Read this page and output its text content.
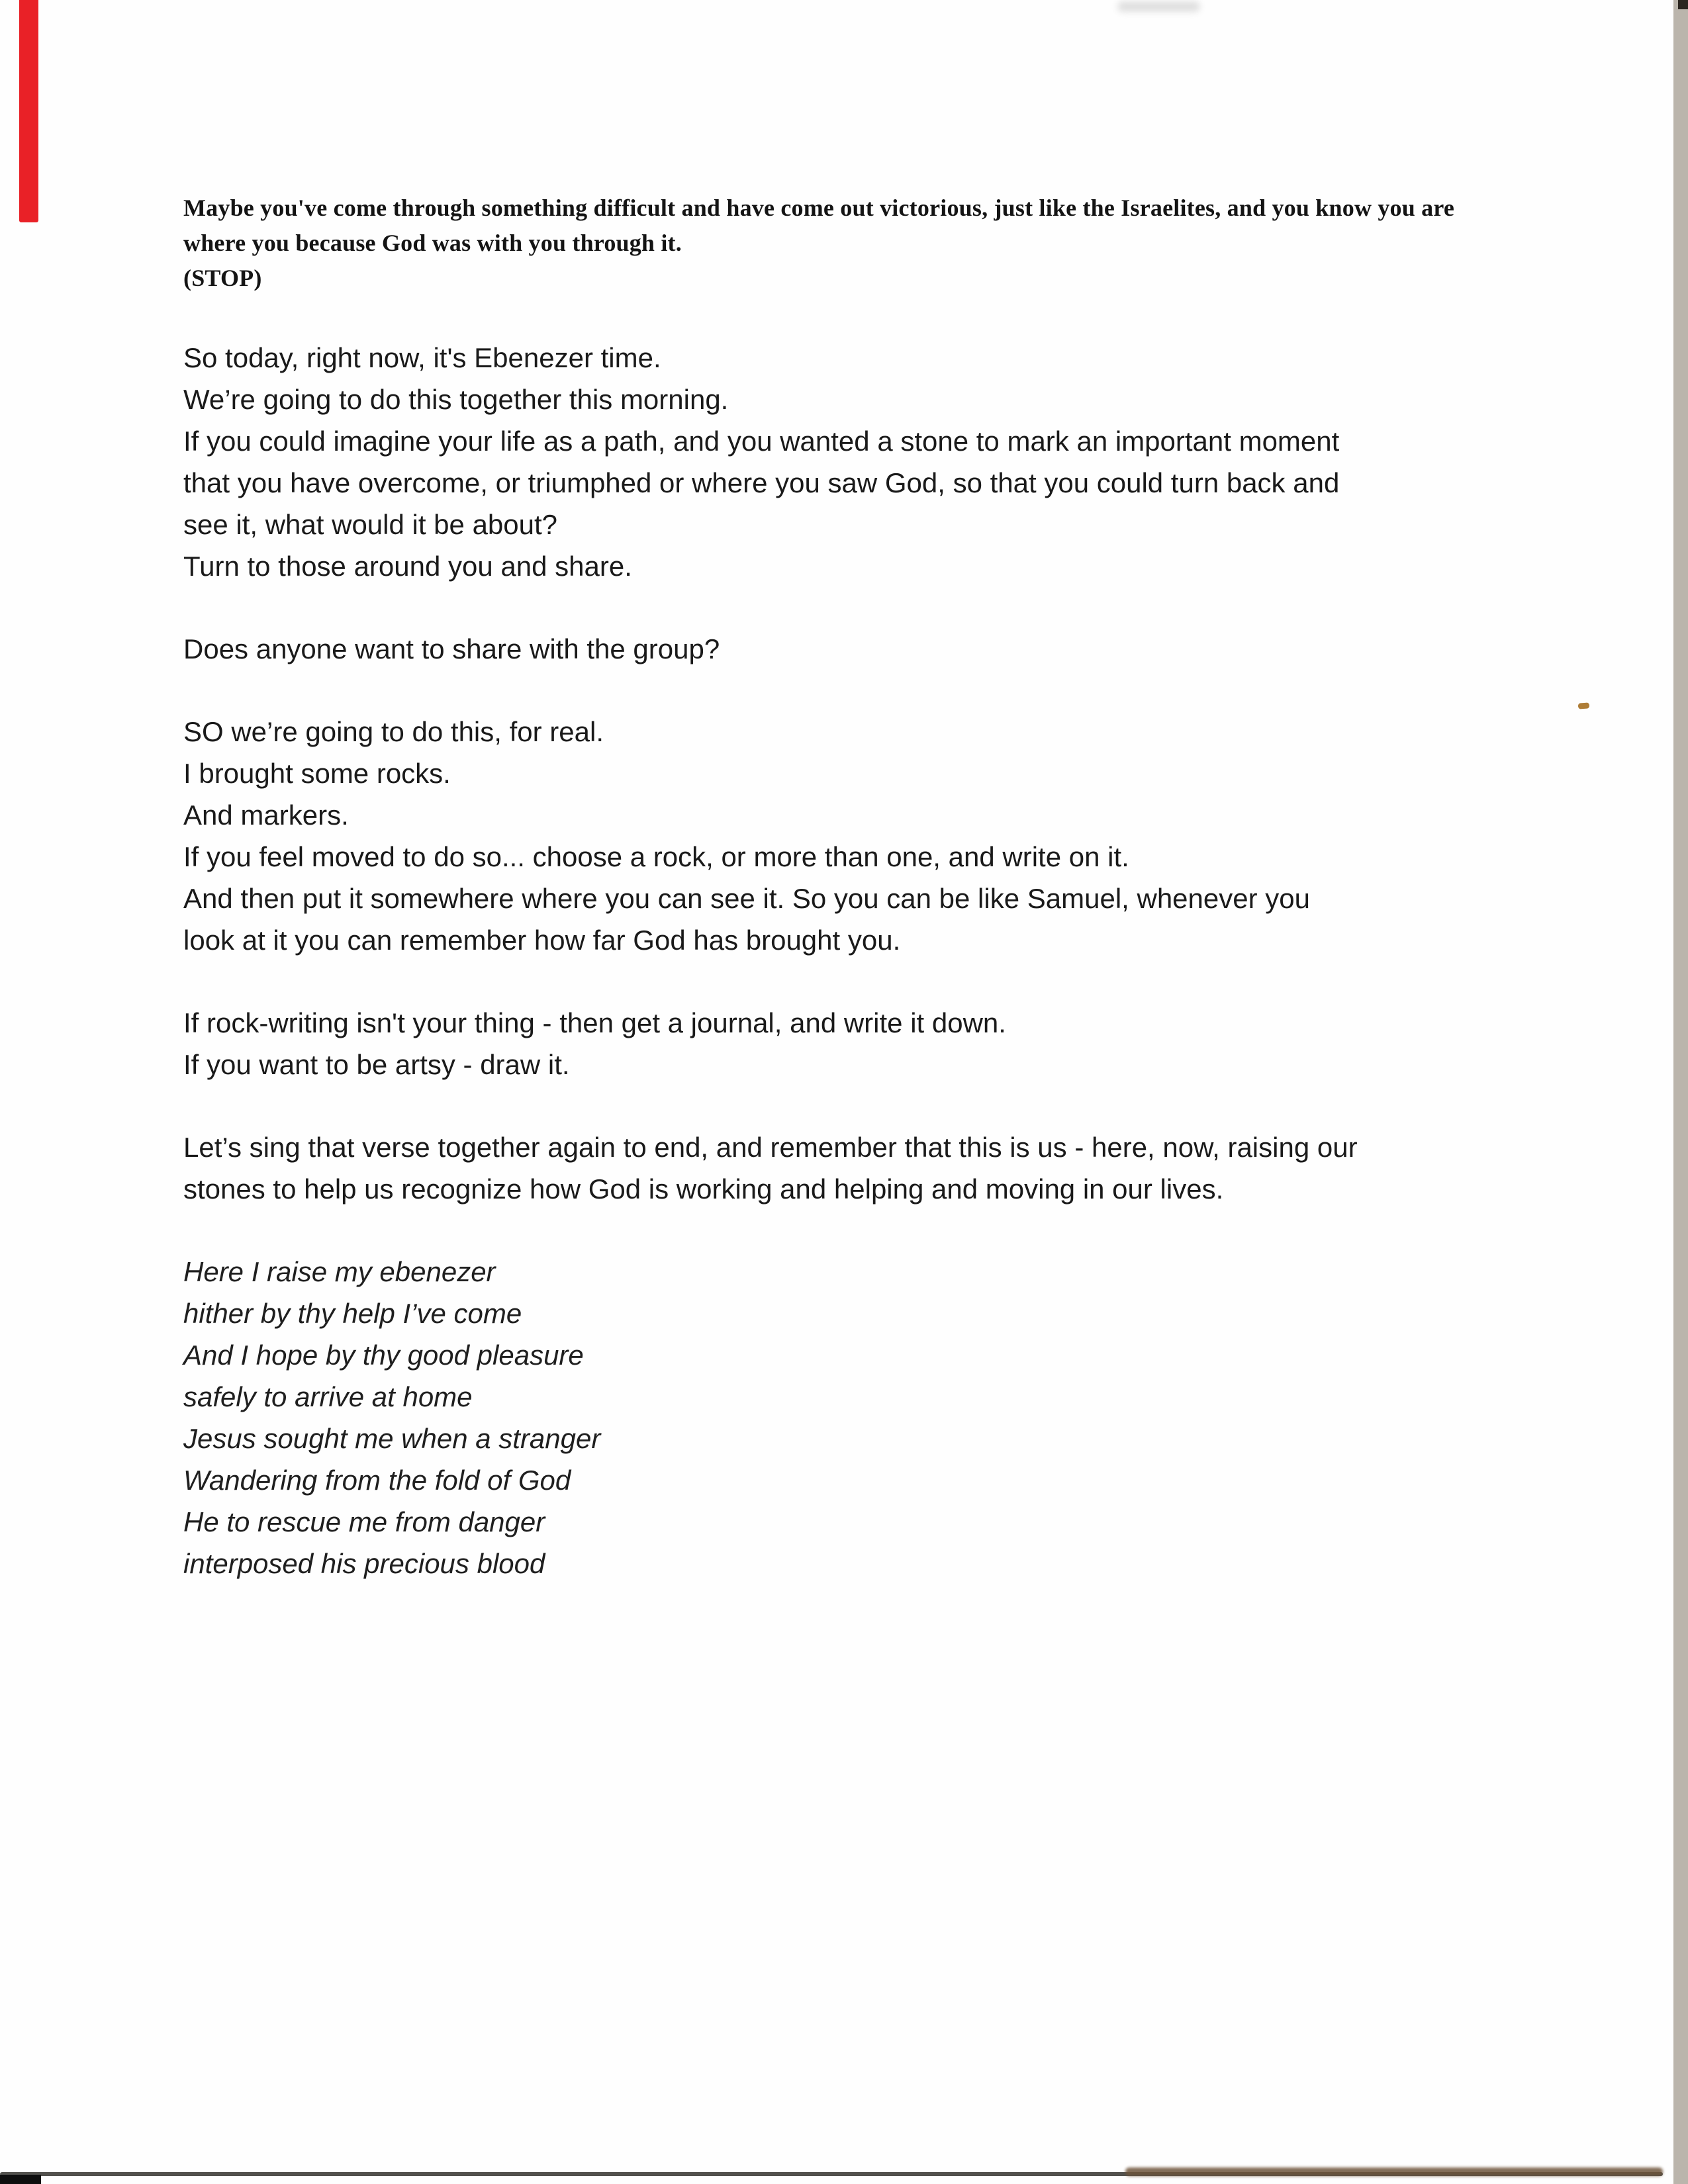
Maybe you've come through something difficult and have come out victorious, just like the Israelites, and you know you are
where you because God was with you through it.
(STOP)
So today, right now, it's Ebenezer time.
We’re going to do this together this morning.
If you could imagine your life as a path, and you wanted a stone to mark an important moment
that you have overcome, or triumphed or where you saw God, so that you could turn back and
see it, what would it be about?
Turn to those around you and share.
Does anyone want to share with the group?
SO we’re going to do this, for real.
I brought some rocks.
And markers.
If you feel moved to do so... choose a rock, or more than one, and write on it.
And then put it somewhere where you can see it. So you can be like Samuel, whenever you
look at it you can remember how far God has brought you.
If rock-writing isn't your thing - then get a journal, and write it down.
If you want to be artsy - draw it.
Let’s sing that verse together again to end, and remember that this is us - here, now, raising our
stones to help us recognize how God is working and helping and moving in our lives.
Here I raise my ebenezer
hither by thy help I’ve come
And I hope by thy good pleasure
safely to arrive at home
Jesus sought me when a stranger
Wandering from the fold of God
He to rescue me from danger
interposed his precious blood
